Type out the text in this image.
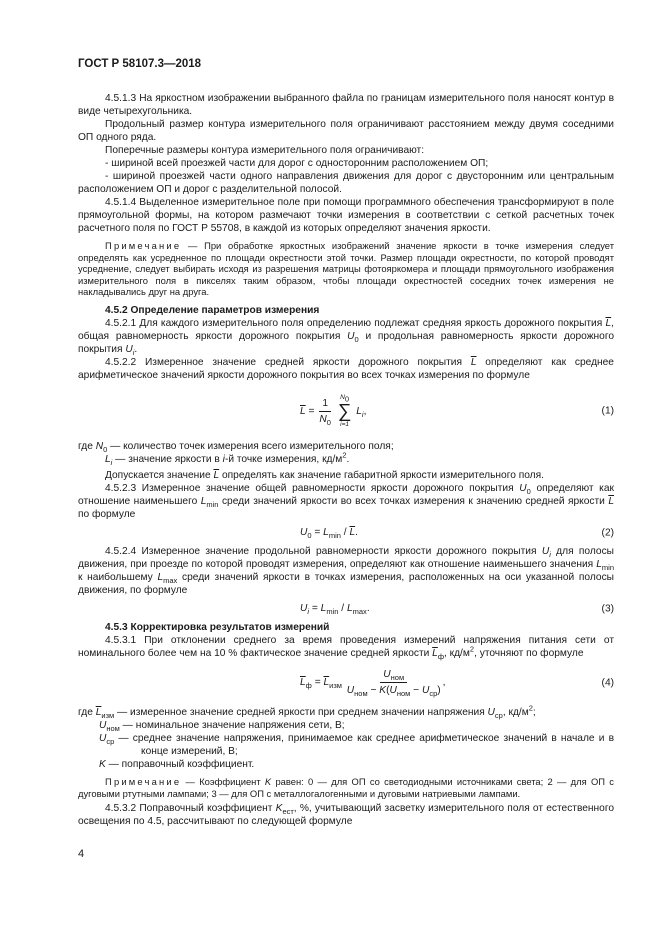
ГОСТ Р 58107.3—2018

4.5.1.3 На яркостном изображении выбранного файла по границам измерительного поля наносят контур в виде четырехугольника.

Продольный размер контура измерительного поля ограничивают расстоянием между двумя соседними ОП одного ряда.

Поперечные размеры контура измерительного поля ограничивают:

- шириной всей проезжей части для дорог с односторонним расположением ОП;

- шириной проезжей части одного направления движения для дорог с двусторонним или центральным расположением ОП и дорог с разделительной полосой.

4.5.1.4 Выделенное измерительное поле при помощи программного обеспечения трансформируют в поле прямоугольной формы, на котором размечают точки измерения в соответствии с сеткой расчетных точек расчетного поля по ГОСТ Р 55708, в каждой из которых определяют значения яркости.

Примечание — При обработке яркостных изображений значение яркости в точке измерения следует определять как усредненное по площади окрестности этой точки. Размер площади окрестности, по которой проводят усреднение, следует выбирать исходя из разрешения матрицы фотояркомера и площади прямоугольного изображения измерительного поля в пикселях таким образом, чтобы площади окрестностей соседних точек измерения не накладывались друг на друга.

4.5.2 Определение параметров измерения

4.5.2.1 Для каждого измерительного поля определению подлежат средняя яркость дорожного покрытия $\overline{L}$, общая равномерность яркости дорожного покрытия $U_0$ и продольная равномерность яркости дорожного покрытия $U_i$.

4.5.2.2 Измеренное значение средней яркости дорожного покрытия $\overline{L}$ определяют как среднее арифметическое значений яркости дорожного покрытия во всех точках измерения по формуле

$\overline{L} = \frac{1}{N_0}$
$N_0$
∑
i=1
$L_i$,	(1)

где $N_0$ — количество точек измерения всего измерительного поля;

$L_i$ — значение яркости в i-й точке измерения, $кд/м^2$.

Допускается значение $\overline{L}$ определять как значение габаритной яркости измерительного поля.

4.5.2.3 Измеренное значение общей равномерности яркости дорожного покрытия $U_0$ определяют как отношение наименьшего $L_{min}$ среди значений яркости во всех точках измерения к значению средней яркости $\overline{L}$ по формуле

$U_0 = L_{min} / \overline{L}$.	(2)

4.5.2.4 Измеренное значение продольной равномерности яркости дорожного покрытия $U_i$ для полосы движения, при проезде по которой проводят измерения, определяют как отношение наименьшего значения $L_{min}$ к наибольшему $L_{max}$ среди значений яркости в точках измерения, расположенных на оси указанной полосы движения, по формуле

$U_i = L_{min} / L_{max}$.	(3)

4.5.3 Корректировка результатов измерений

4.5.3.1 При отклонении среднего за время проведения измерений напряжения питания сети от номинального более чем на 10 % фактическое значение средней яркости $\overline{L}_ф$, $кд/м^2$, уточняют по формуле

$\overline{L}_ф = \overline{L}_{изм} \frac{U_{ном}}{U_{ном} - K(U_{ном} - U_{ср})}$ ,	(4)

где $\overline{L}_{изм}$ — измеренное значение средней яркости при среднем значении напряжения $U_{ср}$, $кд/м^2$;

$U_{ном}$ — номинальное значение напряжения сети, В;

$U_{ср}$ — среднее значение напряжения, принимаемое как среднее арифметическое значений в начале и в конце измерений, В;

K — поправочный коэффициент.

Примечание — Коэффициент K равен: 0 — для ОП со светодиодными источниками света; 2 — для ОП с дуговыми ртутными лампами; 3 — для ОП с металлогалогенными и дуговыми натриевыми лампами.

4.5.3.2 Поправочный коэффициент $K_{ест}$, %, учитывающий засветку измерительного поля от естественного освещения по 4.5, рассчитывают по следующей формуле

4
